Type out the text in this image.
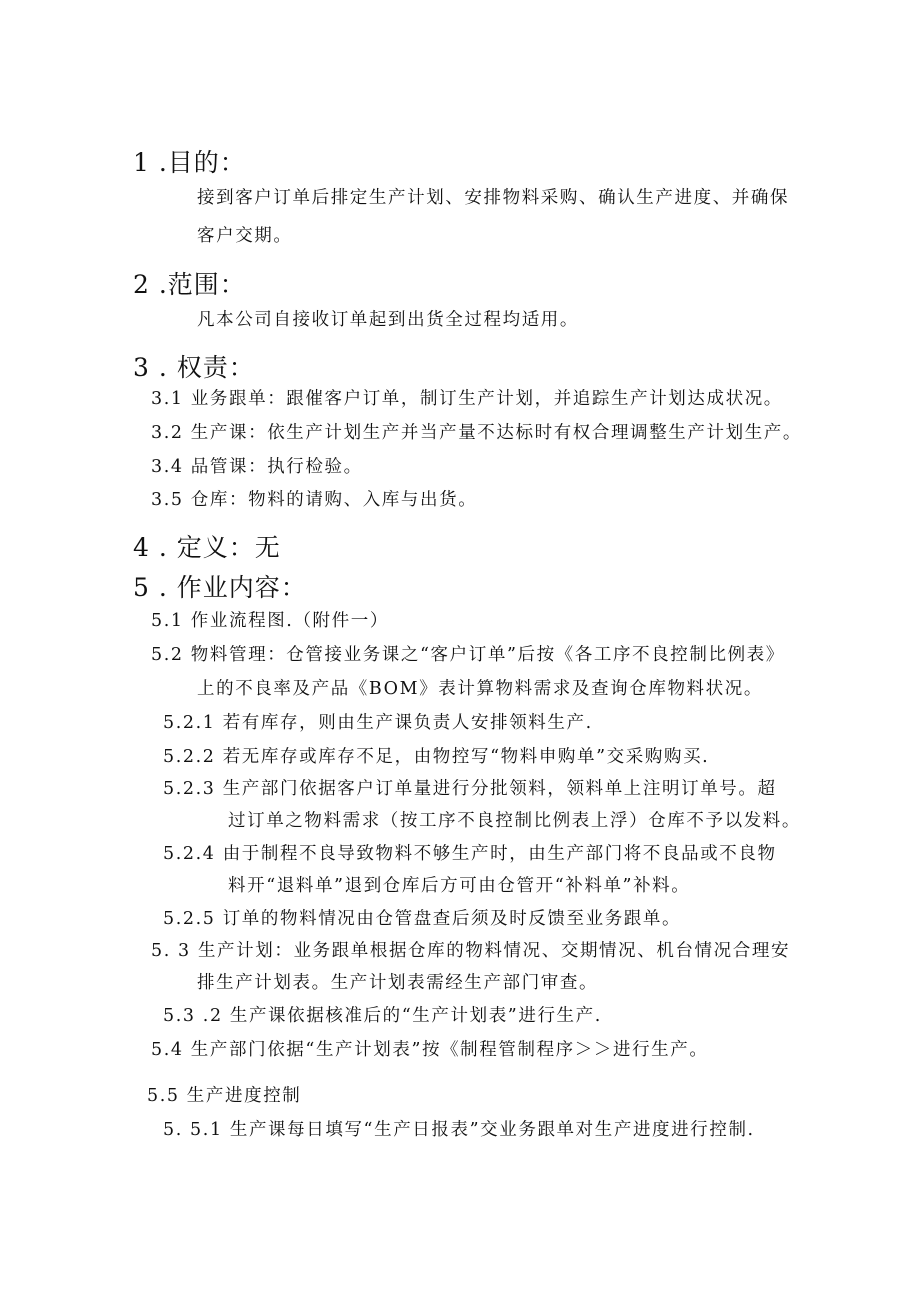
1 .目的：
接到客户订单后排定生产计划、安排物料采购、确认生产进度、并确保
客户交期。
2 .范围：
凡本公司自接收订单起到出货全过程均适用。
3 . 权责：
3.1 业务跟单：跟催客户订单，制订生产计划，并追踪生产计划达成状况。
3.2 生产课：依生产计划生产并当产量不达标时有权合理调整生产计划生产。
3.4 品管课：执行检验。
3.5 仓库：物料的请购、入库与出货。
4 . 定义：无
5 . 作业内容：
5.1 作业流程图.（附件一）
5.2 物料管理：仓管接业务课之“客户订单”后按《各工序不良控制比例表》
上的不良率及产品《BOM》表计算物料需求及查询仓库物料状况。
5.2.1 若有库存，则由生产课负责人安排领料生产.
5.2.2 若无库存或库存不足，由物控写“物料申购单”交采购购买.
5.2.3 生产部门依据客户订单量进行分批领料，领料单上注明订单号。超
过订单之物料需求（按工序不良控制比例表上浮）仓库不予以发料。
5.2.4 由于制程不良导致物料不够生产时，由生产部门将不良品或不良物
料开“退料单”退到仓库后方可由仓管开“补料单”补料。
5.2.5 订单的物料情况由仓管盘查后须及时反馈至业务跟单。
5. 3 生产计划：业务跟单根据仓库的物料情况、交期情况、机台情况合理安
排生产计划表。生产计划表需经生产部门审查。
5.3 .2 生产课依据核准后的“生产计划表”进行生产.
5.4 生产部门依据“生产计划表”按《制程管制程序＞＞进行生产。
5.5 生产进度控制
5. 5.1 生产课每日填写“生产日报表”交业务跟单对生产进度进行控制.
